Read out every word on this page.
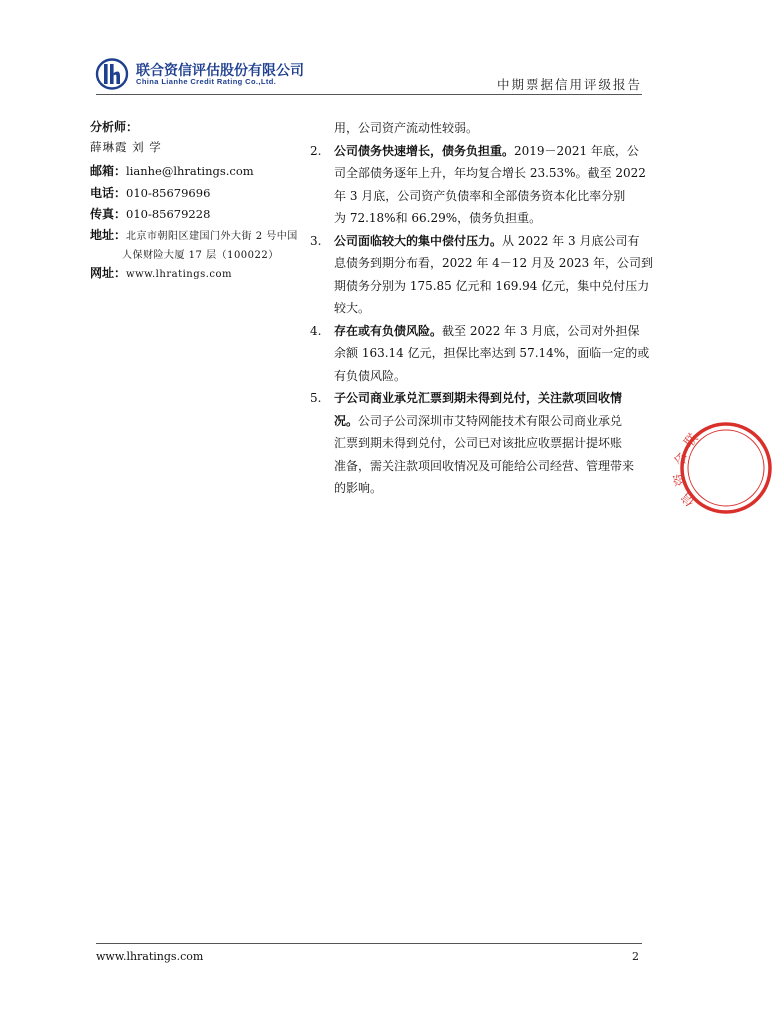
联合资信评估股份有限公司
China Lianhe Credit Rating Co.,Ltd.	中期票据信用评级报告
分析师：
薛琳霞 刘 学
邮箱：lianhe@lhratings.com
电话：010-85679696
传真：010-85679228
地址：北京市朝阳区建国门外大街 2 号中国
人保财险大厦 17 层（100022）
网址：www.lhratings.com
用，公司资产流动性较弱。
2. 公司债务快速增长，债务负担重。2019－2021 年底，公
司全部债务逐年上升，年均复合增长 23.53%。截至 2022
年 3 月底，公司资产负债率和全部债务资本化比率分别
为 72.18%和 66.29%，债务负担重。
3. 公司面临较大的集中偿付压力。从 2022 年 3 月底公司有
息债务到期分布看，2022 年 4－12 月及 2023 年，公司到
期债务分别为 175.85 亿元和 169.94 亿元，集中兑付压力
较大。
4. 存在或有负债风险。截至 2022 年 3 月底，公司对外担保
余额 163.14 亿元，担保比率达到 57.14%，面临一定的或
有负债风险。
5. 子公司商业承兑汇票到期未得到兑付，关注款项回收情
况。公司子公司深圳市艾特网能技术有限公司商业承兑
汇票到期未得到兑付，公司已对该批应收票据计提坏账
准备，需关注款项回收情况及可能给公司经营、管理带来
的影响。
联
合
资
信
www.lhratings.com	2
